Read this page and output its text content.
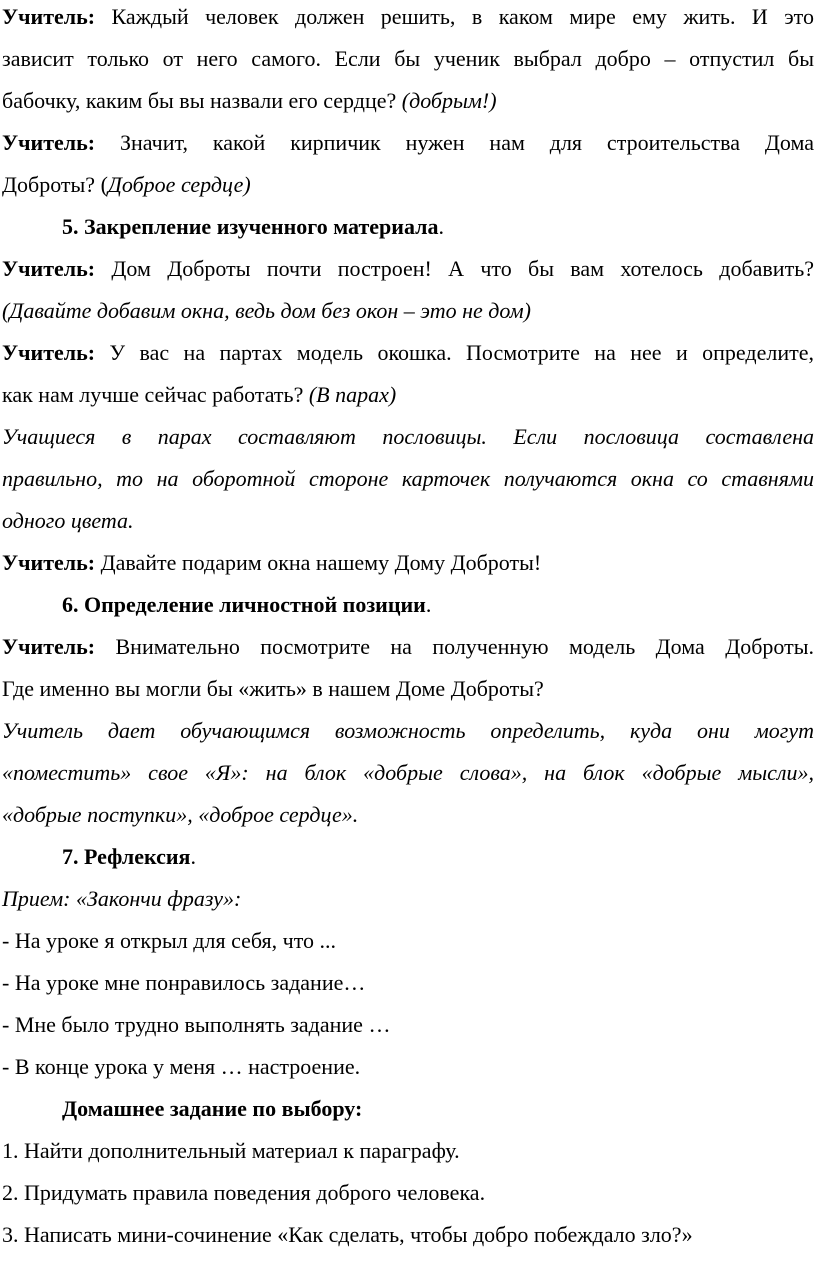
Учитель: Каждый человек должен решить, в каком мире ему жить. И это
зависит только от него самого. Если бы ученик выбрал добро – отпустил бы
бабочку, каким бы вы назвали его сердце? (добрым!)
Учитель: Значит, какой кирпичик нужен нам для строительства Дома
Доброты? (Доброе сердце)
5. Закрепление изученного материала.
Учитель: Дом Доброты почти построен! А что бы вам хотелось добавить?
(Давайте добавим окна, ведь дом без окон – это не дом)
Учитель: У вас на партах модель окошка. Посмотрите на нее и определите,
как нам лучше сейчас работать? (В парах)
Учащиеся в парах составляют пословицы. Если пословица составлена
правильно, то на оборотной стороне карточек получаются окна со ставнями
одного цвета.
Учитель: Давайте подарим окна нашему Дому Доброты!
6. Определение личностной позиции.
Учитель: Внимательно посмотрите на полученную модель Дома Доброты.
Где именно вы могли бы «жить» в нашем Доме Доброты?
Учитель дает обучающимся возможность определить, куда они могут
«поместить» свое «Я»: на блок «добрые слова», на блок «добрые мысли»,
«добрые поступки», «доброе сердце».
7. Рефлексия.
Прием: «Закончи фразу»:
- На уроке я открыл для себя, что ...
- На уроке мне понравилось задание…
- Мне было трудно выполнять задание …
- В конце урока у меня … настроение.
Домашнее задание по выбору:
1. Найти дополнительный материал к параграфу.
2. Придумать правила поведения доброго человека.
3. Написать мини-сочинение «Как сделать, чтобы добро побеждало зло?»
